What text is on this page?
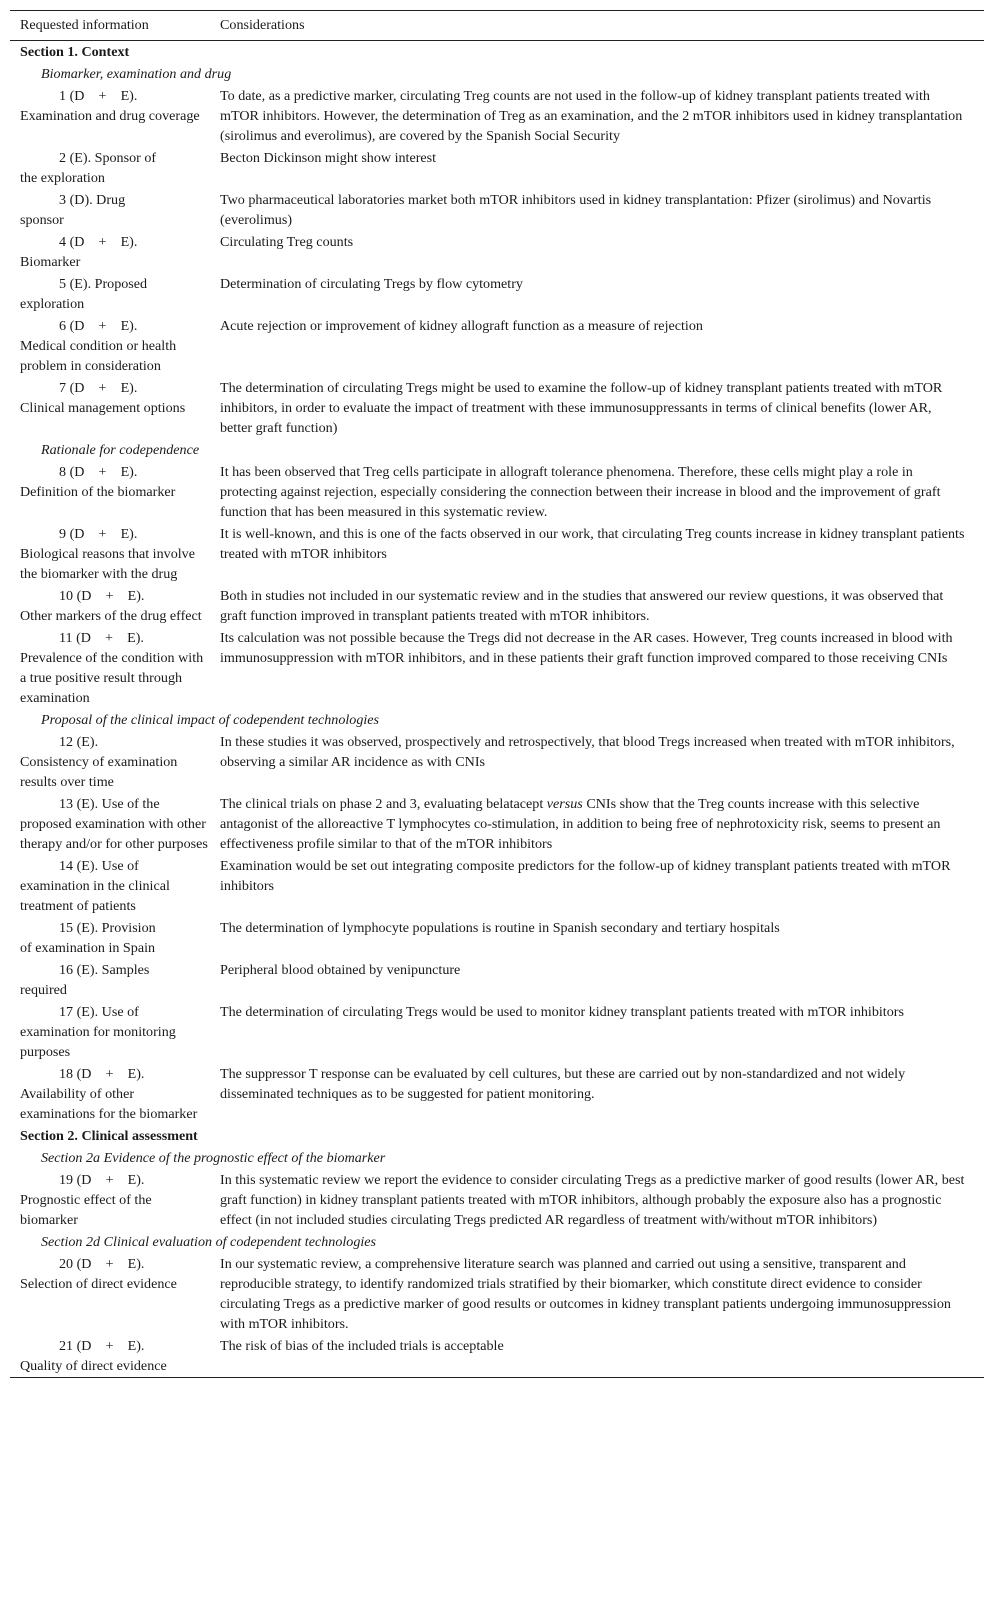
Requested information	Considerations
Section 1. Context	
Biomarker, examination and drug	

1 (D + E).
Examination and drug coverage	To date, as a predictive marker, circulating Treg counts are not used in the follow-up of kidney transplant patients treated with mTOR inhibitors. However, the determination of Treg as an examination, and the 2 mTOR inhibitors used in kidney transplantation (sirolimus and everolimus), are covered by the Spanish Social Security

2 (E). Sponsor of
the exploration	Becton Dickinson might show interest

3 (D). Drug
sponsor	Two pharmaceutical laboratories market both mTOR inhibitors used in kidney transplantation: Pfizer (sirolimus) and Novartis (everolimus)

4 (D + E).
Biomarker	Circulating Treg counts

5 (E). Proposed
exploration	Determination of circulating Tregs by flow cytometry

6 (D + E).
Medical condition or health problem in consideration	Acute rejection or improvement of kidney allograft function as a measure of rejection

7 (D + E).
Clinical management options	The determination of circulating Tregs might be used to examine the follow-up of kidney transplant patients treated with mTOR inhibitors, in order to evaluate the impact of treatment with these immunosuppressants in terms of clinical benefits (lower AR, better graft function)
Rationale for codependence	

8 (D + E).
Definition of the biomarker	It has been observed that Treg cells participate in allograft tolerance phenomena. Therefore, these cells might play a role in protecting against rejection, especially considering the connection between their increase in blood and the improvement of graft function that has been measured in this systematic review.

9 (D + E).
Biological reasons that involve the biomarker with the drug	It is well-known, and this is one of the facts observed in our work, that circulating Treg counts increase in kidney transplant patients treated with mTOR inhibitors

10 (D + E).
Other markers of the drug effect	Both in studies not included in our systematic review and in the studies that answered our review questions, it was observed that graft function improved in transplant patients treated with mTOR inhibitors.

11 (D + E).
Prevalence of the condition with a true positive result through examination	Its calculation was not possible because the Tregs did not decrease in the AR cases. However, Treg counts increased in blood with immunosuppression with mTOR inhibitors, and in these patients their graft function improved compared to those receiving CNIs
Proposal of the clinical impact of codependent technologies	

12 (E).
Consistency of examination results over time	In these studies it was observed, prospectively and retrospectively, that blood Tregs increased when treated with mTOR inhibitors, observing a similar AR incidence as with CNIs

13 (E). Use of the
proposed examination with other therapy and/or for other purposes	The clinical trials on phase 2 and 3, evaluating belatacept versus CNIs show that the Treg counts increase with this selective antagonist of the alloreactive T lymphocytes co-stimulation, in addition to being free of nephrotoxicity risk, seems to present an effectiveness profile similar to that of the mTOR inhibitors

14 (E). Use of
examination in the clinical treatment of patients	Examination would be set out integrating composite predictors for the follow-up of kidney transplant patients treated with mTOR inhibitors

15 (E). Provision
of examination in Spain	The determination of lymphocyte populations is routine in Spanish secondary and tertiary hospitals

16 (E). Samples
required	Peripheral blood obtained by venipuncture

17 (E). Use of
examination for monitoring purposes	The determination of circulating Tregs would be used to monitor kidney transplant patients treated with mTOR inhibitors

18 (D + E).
Availability of other examinations for the biomarker	The suppressor T response can be evaluated by cell cultures, but these are carried out by non-standardized and not widely disseminated techniques as to be suggested for patient monitoring.
Section 2. Clinical assessment	
Section 2a Evidence of the prognostic effect of the biomarker	

19 (D + E).
Prognostic effect of the biomarker	In this systematic review we report the evidence to consider circulating Tregs as a predictive marker of good results (lower AR, best graft function) in kidney transplant patients treated with mTOR inhibitors, although probably the exposure also has a prognostic effect (in not included studies circulating Tregs predicted AR regardless of treatment with/without mTOR inhibitors)
Section 2d Clinical evaluation of codependent technologies	

20 (D + E).
Selection of direct evidence	In our systematic review, a comprehensive literature search was planned and carried out using a sensitive, transparent and reproducible strategy, to identify randomized trials stratified by their biomarker, which constitute direct evidence to consider circulating Tregs as a predictive marker of good results or outcomes in kidney transplant patients undergoing immunosuppression with mTOR inhibitors.

21 (D + E).
Quality of direct evidence	The risk of bias of the included trials is acceptable
